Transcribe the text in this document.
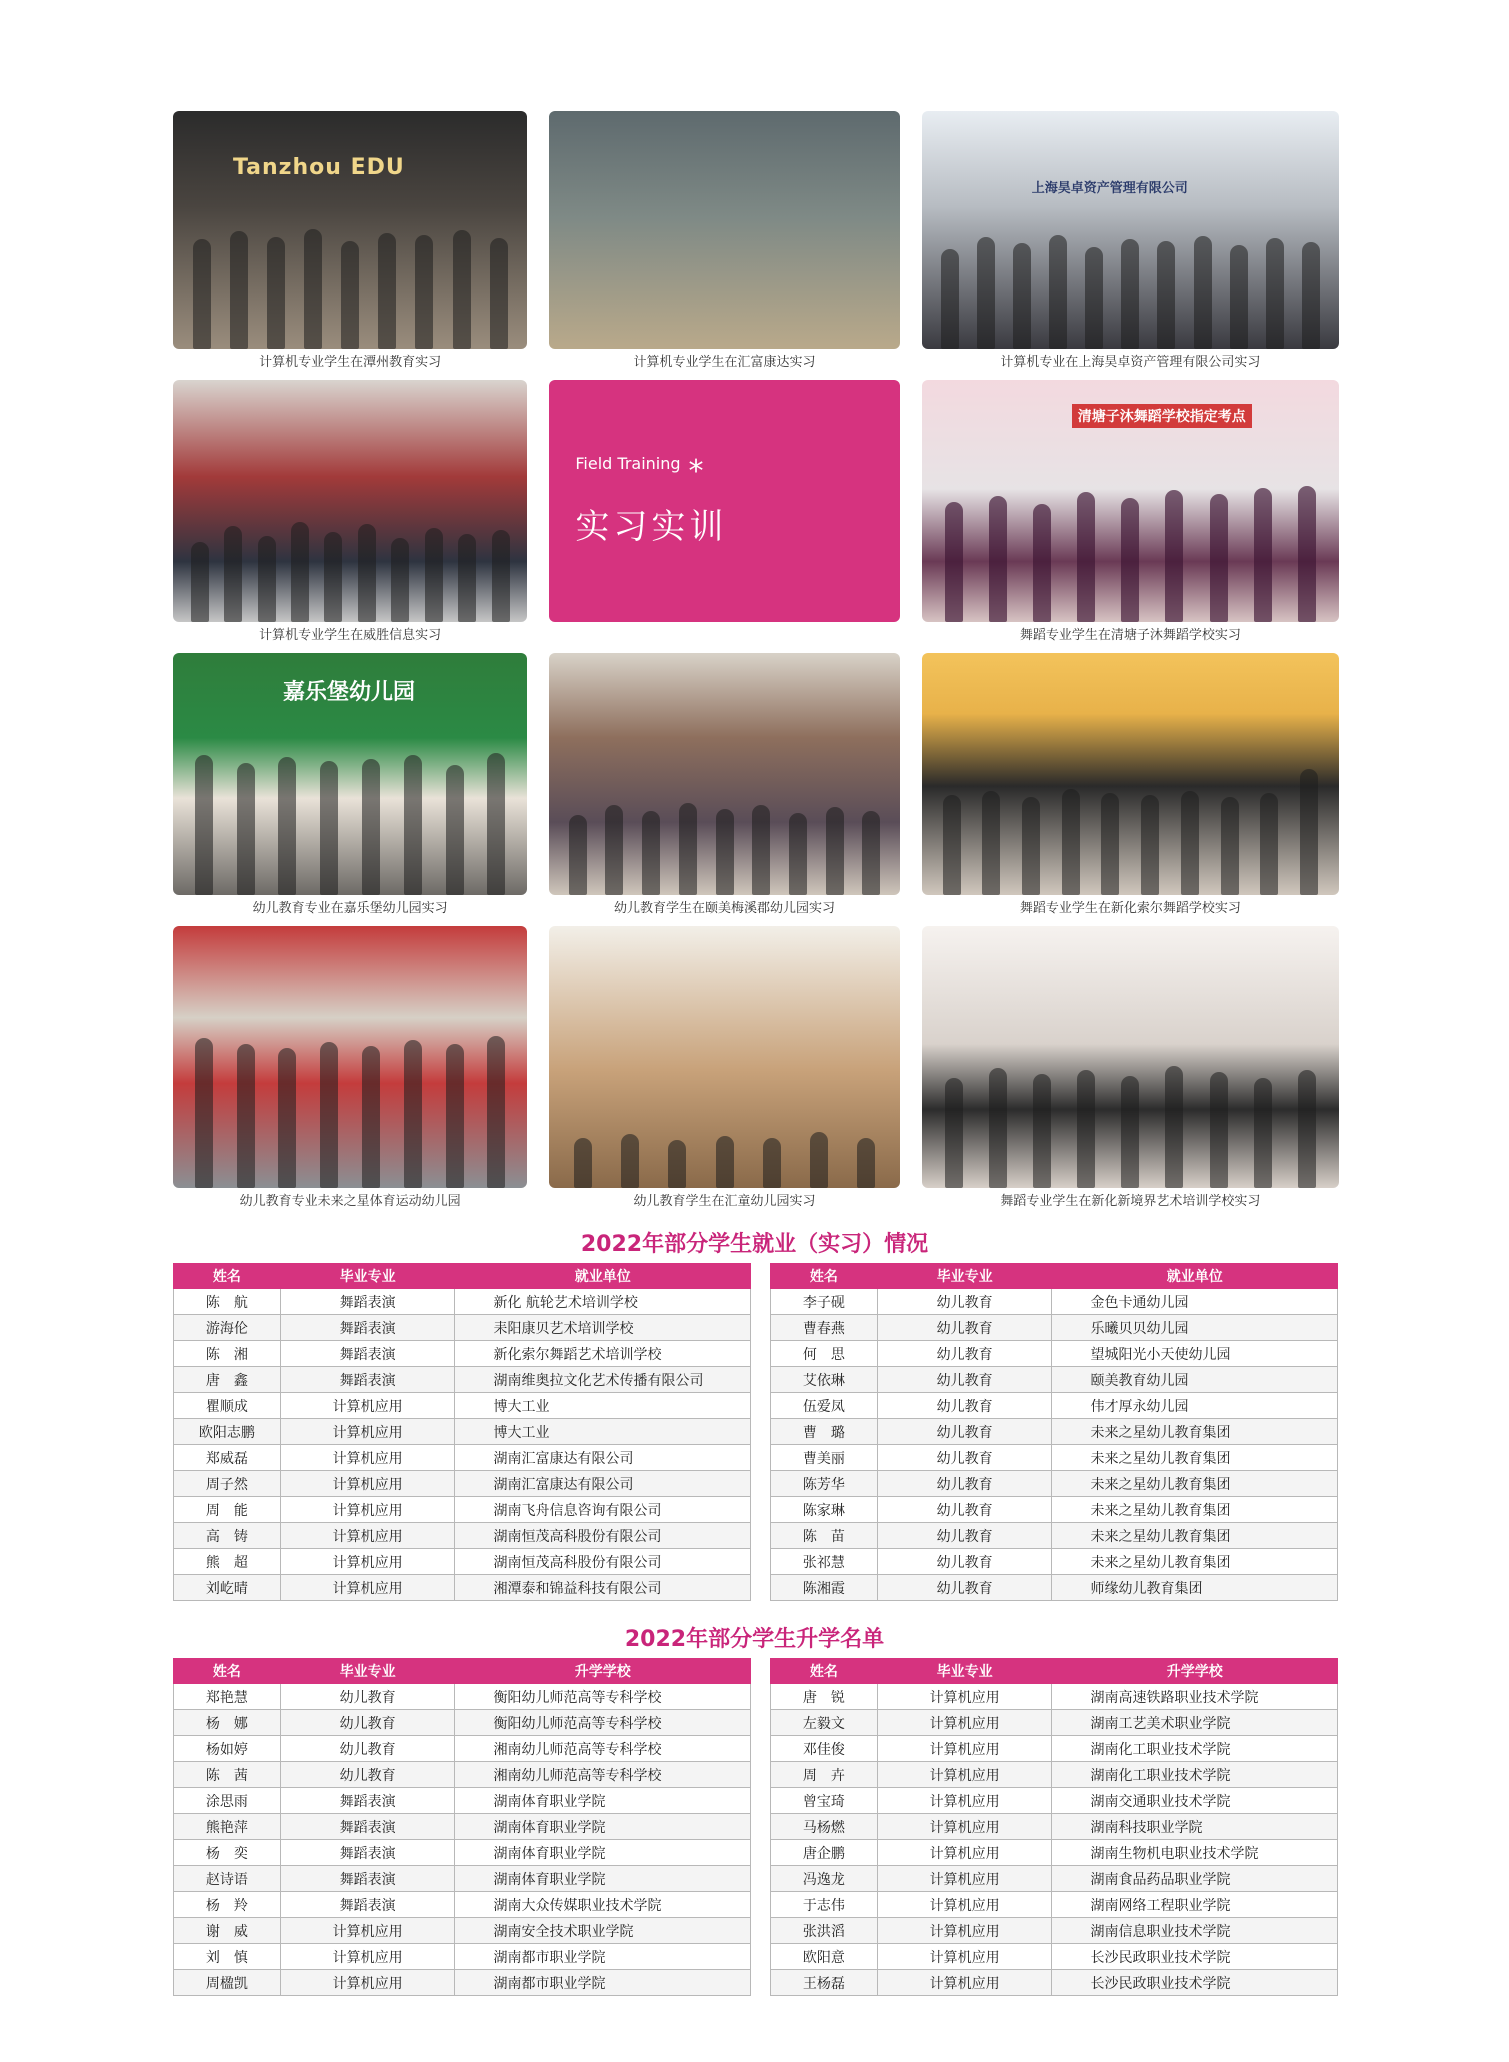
Tanzhou EDU
计算机专业学生在潭州教育实习	计算机专业学生在汇富康达实习
上海昊卓资产管理有限公司
计算机专业在上海昊卓资产管理有限公司实习
计算机专业学生在威胜信息实习
Field Training *
实习实训
清塘子沐舞蹈学校指定考点
舞蹈专业学生在清塘子沐舞蹈学校实习
嘉乐堡幼儿园
幼儿教育专业在嘉乐堡幼儿园实习	幼儿教育学生在颐美梅溪郡幼儿园实习	舞蹈专业学生在新化索尔舞蹈学校实习
幼儿教育专业未来之星体育运动幼儿园	幼儿教育学生在汇童幼儿园实习	舞蹈专业学生在新化新境界艺术培训学校实习
2022年部分学生就业（实习）情况
姓名	毕业专业	就业单位
陈　航	舞蹈表演	新化 航轮艺术培训学校
游海伦	舞蹈表演	耒阳康贝艺术培训学校
陈　湘	舞蹈表演	新化索尔舞蹈艺术培训学校
唐　鑫	舞蹈表演	湖南维奥拉文化艺术传播有限公司
瞿顺成	计算机应用	博大工业
欧阳志鹏	计算机应用	博大工业
郑威磊	计算机应用	湖南汇富康达有限公司
周子然	计算机应用	湖南汇富康达有限公司
周　能	计算机应用	湖南飞舟信息咨询有限公司
高　铸	计算机应用	湖南恒茂高科股份有限公司
熊　超	计算机应用	湖南恒茂高科股份有限公司
刘屹晴	计算机应用	湘潭泰和锦益科技有限公司
姓名	毕业专业	就业单位
李子砚	幼儿教育	金色卡通幼儿园
曹春燕	幼儿教育	乐曦贝贝幼儿园
何　思	幼儿教育	望城阳光小天使幼儿园
艾依琳	幼儿教育	颐美教育幼儿园
伍爱凤	幼儿教育	伟才厚永幼儿园
曹　璐	幼儿教育	未来之星幼儿教育集团
曹美丽	幼儿教育	未来之星幼儿教育集团
陈芳华	幼儿教育	未来之星幼儿教育集团
陈家琳	幼儿教育	未来之星幼儿教育集团
陈　苗	幼儿教育	未来之星幼儿教育集团
张祁慧	幼儿教育	未来之星幼儿教育集团
陈湘霞	幼儿教育	师缘幼儿教育集团
2022年部分学生升学名单
姓名	毕业专业	升学学校
郑艳慧	幼儿教育	衡阳幼儿师范高等专科学校
杨　娜	幼儿教育	衡阳幼儿师范高等专科学校
杨如婷	幼儿教育	湘南幼儿师范高等专科学校
陈　茜	幼儿教育	湘南幼儿师范高等专科学校
涂思雨	舞蹈表演	湖南体育职业学院
熊艳萍	舞蹈表演	湖南体育职业学院
杨　奕	舞蹈表演	湖南体育职业学院
赵诗语	舞蹈表演	湖南体育职业学院
杨　羚	舞蹈表演	湖南大众传媒职业技术学院
谢　威	计算机应用	湖南安全技术职业学院
刘　慎	计算机应用	湖南都市职业学院
周楹凯	计算机应用	湖南都市职业学院
姓名	毕业专业	升学学校
唐　锐	计算机应用	湖南高速铁路职业技术学院
左毅文	计算机应用	湖南工艺美术职业学院
邓佳俊	计算机应用	湖南化工职业技术学院
周　卉	计算机应用	湖南化工职业技术学院
曾宝琦	计算机应用	湖南交通职业技术学院
马杨燃	计算机应用	湖南科技职业学院
唐企鹏	计算机应用	湖南生物机电职业技术学院
冯逸龙	计算机应用	湖南食品药品职业学院
于志伟	计算机应用	湖南网络工程职业学院
张洪滔	计算机应用	湖南信息职业技术学院
欧阳意	计算机应用	长沙民政职业技术学院
王杨磊	计算机应用	长沙民政职业技术学院
